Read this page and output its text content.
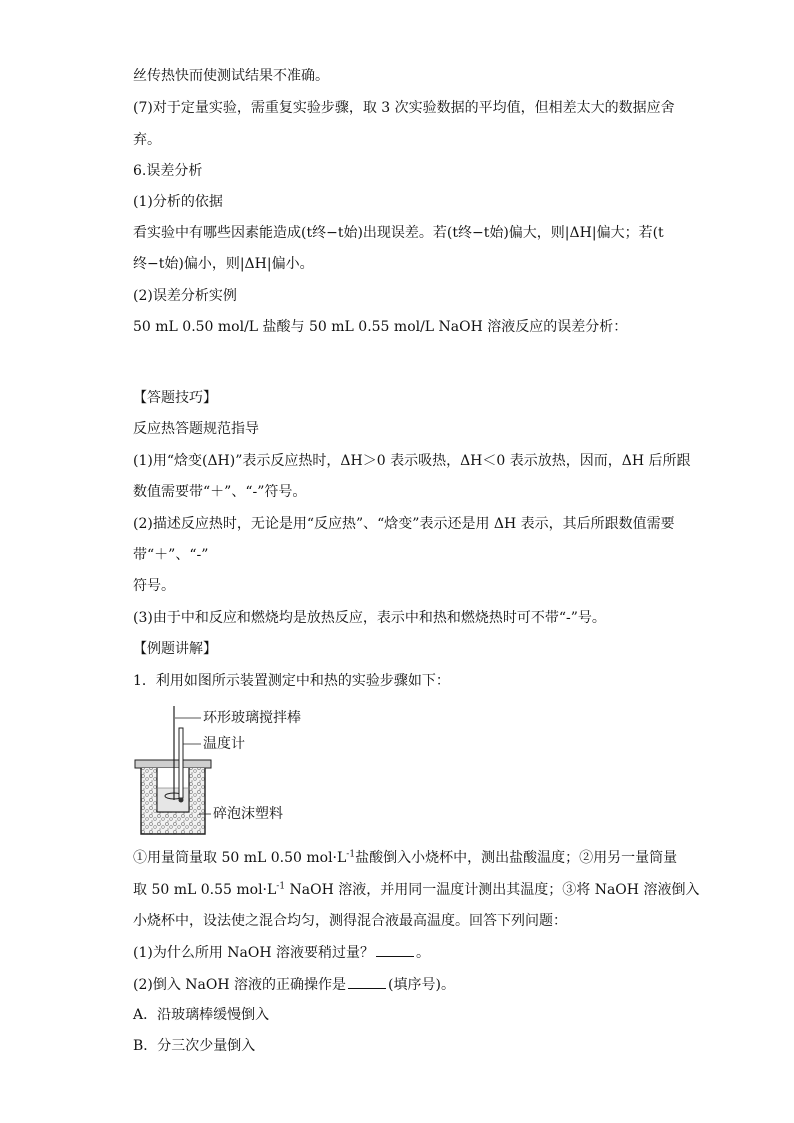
丝传热快而使测试结果不准确。
(7)对于定量实验，需重复实验步骤，取 3 次实验数据的平均值，但相差太大的数据应舍
弃。
6.误差分析
(1)分析的依据
看实验中有哪些因素能造成(t终−t始)出现误差。若(t终−t始)偏大，则|ΔH|偏大；若(t
终−t始)偏小，则|ΔH|偏小。
(2)误差分析实例
50 mL 0.50 mol/L 盐酸与 50 mL 0.55 mol/L NaOH 溶液反应的误差分析：
【答题技巧】
反应热答题规范指导
(1)用“焓变(ΔH)”表示反应热时，ΔH＞0 表示吸热，ΔH＜0 表示放热，因而，ΔH 后所跟
数值需要带“＋”、“-”符号。
(2)描述反应热时，无论是用“反应热”、“焓变”表示还是用 ΔH 表示，其后所跟数值需要
带“＋”、“-”
符号。
(3)由于中和反应和燃烧均是放热反应，表示中和热和燃烧热时可不带“-”号。
【例题讲解】
1．利用如图所示装置测定中和热的实验步骤如下：
环形玻璃搅拌棒
温度计
碎泡沫塑料
①用量筒量取 50 mL 0.50 $mol\cdot L^{-1}$盐酸倒入小烧杯中，测出盐酸温度；②用另一量筒量
取 50 mL 0.55 $mol\cdot L^{-1}$ NaOH 溶液，并用同一温度计测出其温度；③将 NaOH 溶液倒入
小烧杯中，设法使之混合均匀，测得混合液最高温度。回答下列问题：
(1)为什么所用 NaOH 溶液要稍过量？	。
(2)倒入 NaOH 溶液的正确操作是	(填序号)。
A．沿玻璃棒缓慢倒入
B．分三次少量倒入
